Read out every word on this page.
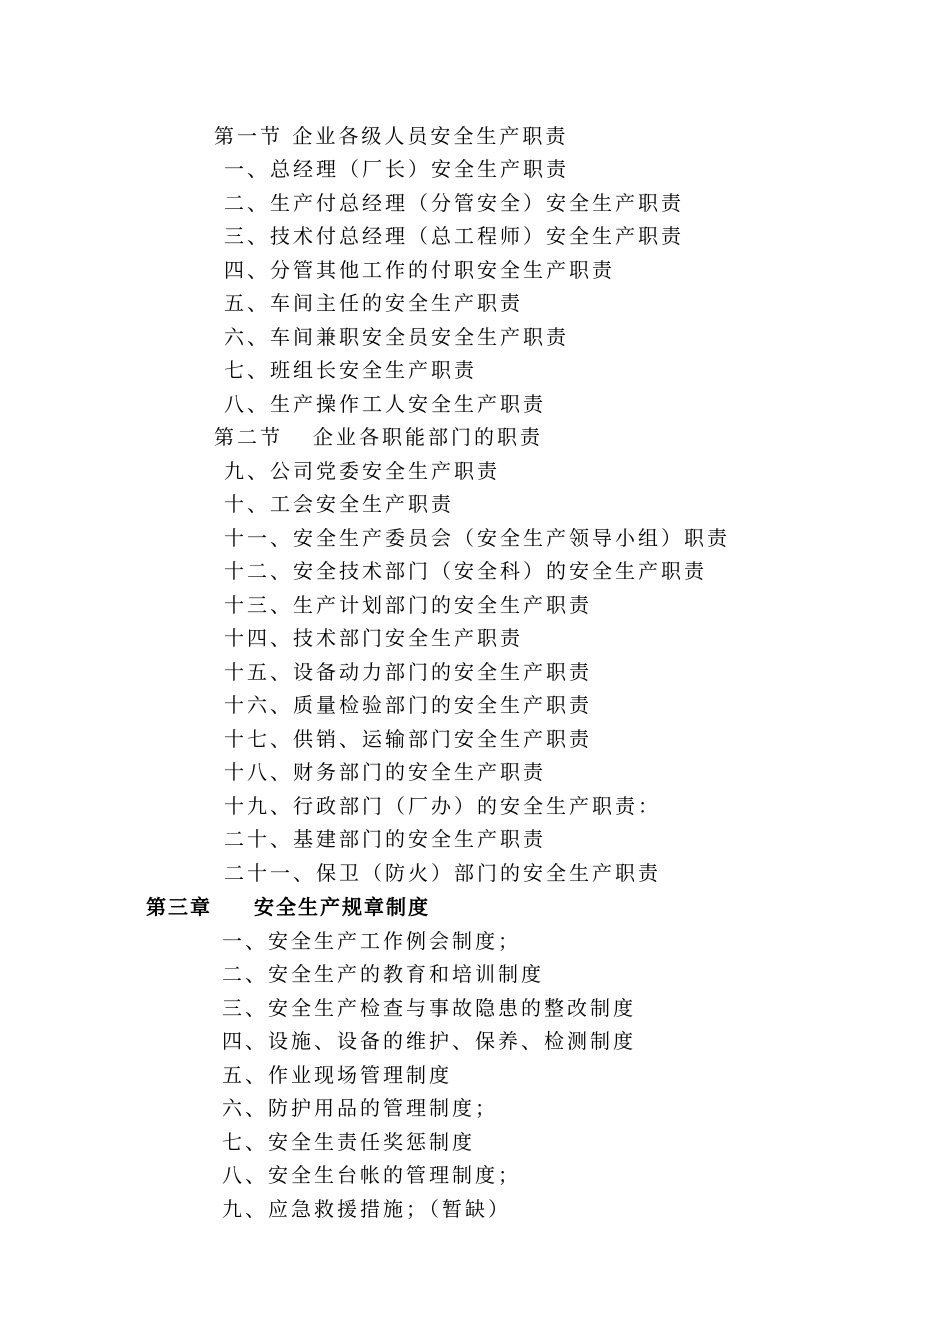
第一节 企业各级人员安全生产职责
一、总经理（厂长）安全生产职责
二、生产付总经理（分管安全）安全生产职责
三、技术付总经理（总工程师）安全生产职责
四、分管其他工作的付职安全生产职责
五、车间主任的安全生产职责
六、车间兼职安全员安全生产职责
七、班组长安全生产职责
八、生产操作工人安全生产职责
第二节 企业各职能部门的职责
九、公司党委安全生产职责
十、工会安全生产职责
十一、安全生产委员会（安全生产领导小组）职责
十二、安全技术部门（安全科）的安全生产职责
十三、生产计划部门的安全生产职责
十四、技术部门安全生产职责
十五、设备动力部门的安全生产职责
十六、质量检验部门的安全生产职责
十七、供销、运输部门安全生产职责
十八、财务部门的安全生产职责
十九、行政部门（厂办）的安全生产职责：
二十、基建部门的安全生产职责
二十一、保卫（防火）部门的安全生产职责
第三章 安全生产规章制度
一、安全生产工作例会制度；
二、安全生产的教育和培训制度
三、安全生产检查与事故隐患的整改制度
四、设施、设备的维护、保养、检测制度
五、作业现场管理制度
六、防护用品的管理制度；
七、安全生责任奖惩制度
八、安全生台帐的管理制度；
九、应急救援措施；（暂缺）
